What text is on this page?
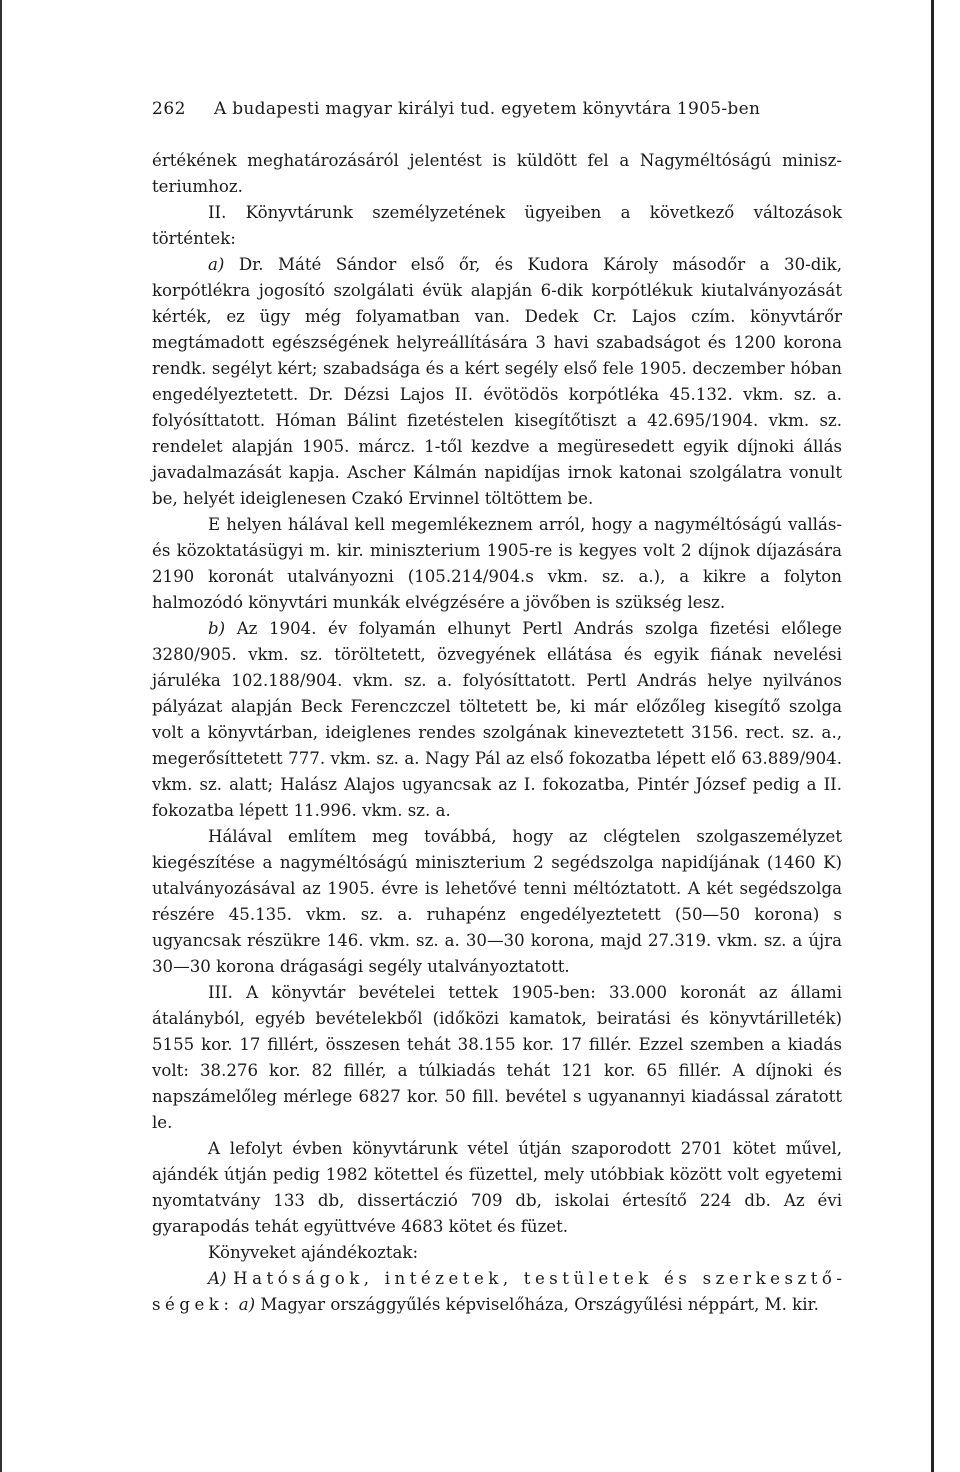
262 A budapesti magyar királyi tud. egyetem könyvtára 1905-ben

értékének meghatározásáról jelentést is küldött fel a Nagyméltóságú miniszteriumhoz.

II. Könyvtárunk személyzetének ügyeiben a következő változások történtek:

a) Dr. Máté Sándor első őr, és Kudora Károly másodőr a 30-dik, korpótlékra jogosító szolgálati évük alapján 6-dik korpótlékuk kiutalványozását kérték, ez ügy még folyamatban van. Dedek Cr. Lajos czím. könyvtárőr megtámadott egészségének helyreállítására 3 havi szabadságot és 1200 korona rendk. segélyt kért; szabadsága és a kért segély első fele 1905. deczember hóban engedélyeztetett. Dr. Dézsi Lajos II. évötödös korpótléka 45.132. vkm. sz. a. folyósíttatott. Hóman Bálint fizetéstelen kisegítőtiszt a 42.695/1904. vkm. sz. rendelet alapján 1905. márcz. 1-től kezdve a megüresedett egyik díjnoki állás javadalmazását kapja. Ascher Kálmán napidíjas irnok katonai szolgálatra vonult be, helyét ideiglenesen Czakó Ervinnel töltöttem be.

E helyen hálával kell megemlékeznem arról, hogy a nagyméltóságú vallás- és közoktatásügyi m. kir. miniszterium 1905-re is kegyes volt 2 díjnok díjazására 2190 koronát utalványozni (105.214/904.s vkm. sz. a.), a kikre a folyton halmozódó könyvtári munkák elvégzésére a jövőben is szükség lesz.

b) Az 1904. év folyamán elhunyt Pertl András szolga fizetési előlege 3280/905. vkm. sz. töröltetett, özvegyének ellátása és egyik fiának nevelési járuléka 102.188/904. vkm. sz. a. folyósíttatott. Pertl András helye nyilvános pályázat alapján Beck Ferenczczel töltetett be, ki már előzőleg kisegítő szolga volt a könyvtárban, ideiglenes rendes szolgának kineveztetett 3156. rect. sz. a., megerősíttetett 777. vkm. sz. a. Nagy Pál az első fokozatba lépett elő 63.889/904. vkm. sz. alatt; Halász Alajos ugyancsak az I. fokozatba, Pintér József pedig a II. fokozatba lépett 11.996. vkm. sz. a.

Hálával említem meg továbbá, hogy az clégtelen szolgaszemélyzet kiegészítése a nagyméltóságú miniszterium 2 segédszolga napidíjának (1460 K) utalványozásával az 1905. évre is lehetővé tenni méltóztatott. A két segédszolga részére 45.135. vkm. sz. a. ruhapénz engedélyeztetett (50—50 korona) s ugyancsak részükre 146. vkm. sz. a. 30—30 korona, majd 27.319. vkm. sz. a újra 30—30 korona drágasági segély utalványoztatott.

III. A könyvtár bevételei tettek 1905-ben: 33.000 koronát az állami átalányból, egyéb bevételekből (időközi kamatok, beiratási és könyvtárilleték) 5155 kor. 17 fillért, összesen tehát 38.155 kor. 17 fillér. Ezzel szemben a kiadás volt: 38.276 kor. 82 fillér, a túlkiadás tehát 121 kor. 65 fillér. A díjnoki és napszámelőleg mérlege 6827 kor. 50 fill. bevétel s ugyanannyi kiadással záratott le.

A lefolyt évben könyvtárunk vétel útján szaporodott 2701 kötet művel, ajándék útján pedig 1982 kötettel és füzettel, mely utóbbiak között volt egyetemi nyomtatvány 133 db, dissertáczió 709 db, iskolai értesítő 224 db. Az évi gyarapodás tehát együttvéve 4683 kötet és füzet.

Könyveket ajándékoztak:

A) Hatóságok, intézetek, testületek és szerkesztőségek: a) Magyar országgyűlés képviselőháza, Országyűlési néppárt, M. kir.
